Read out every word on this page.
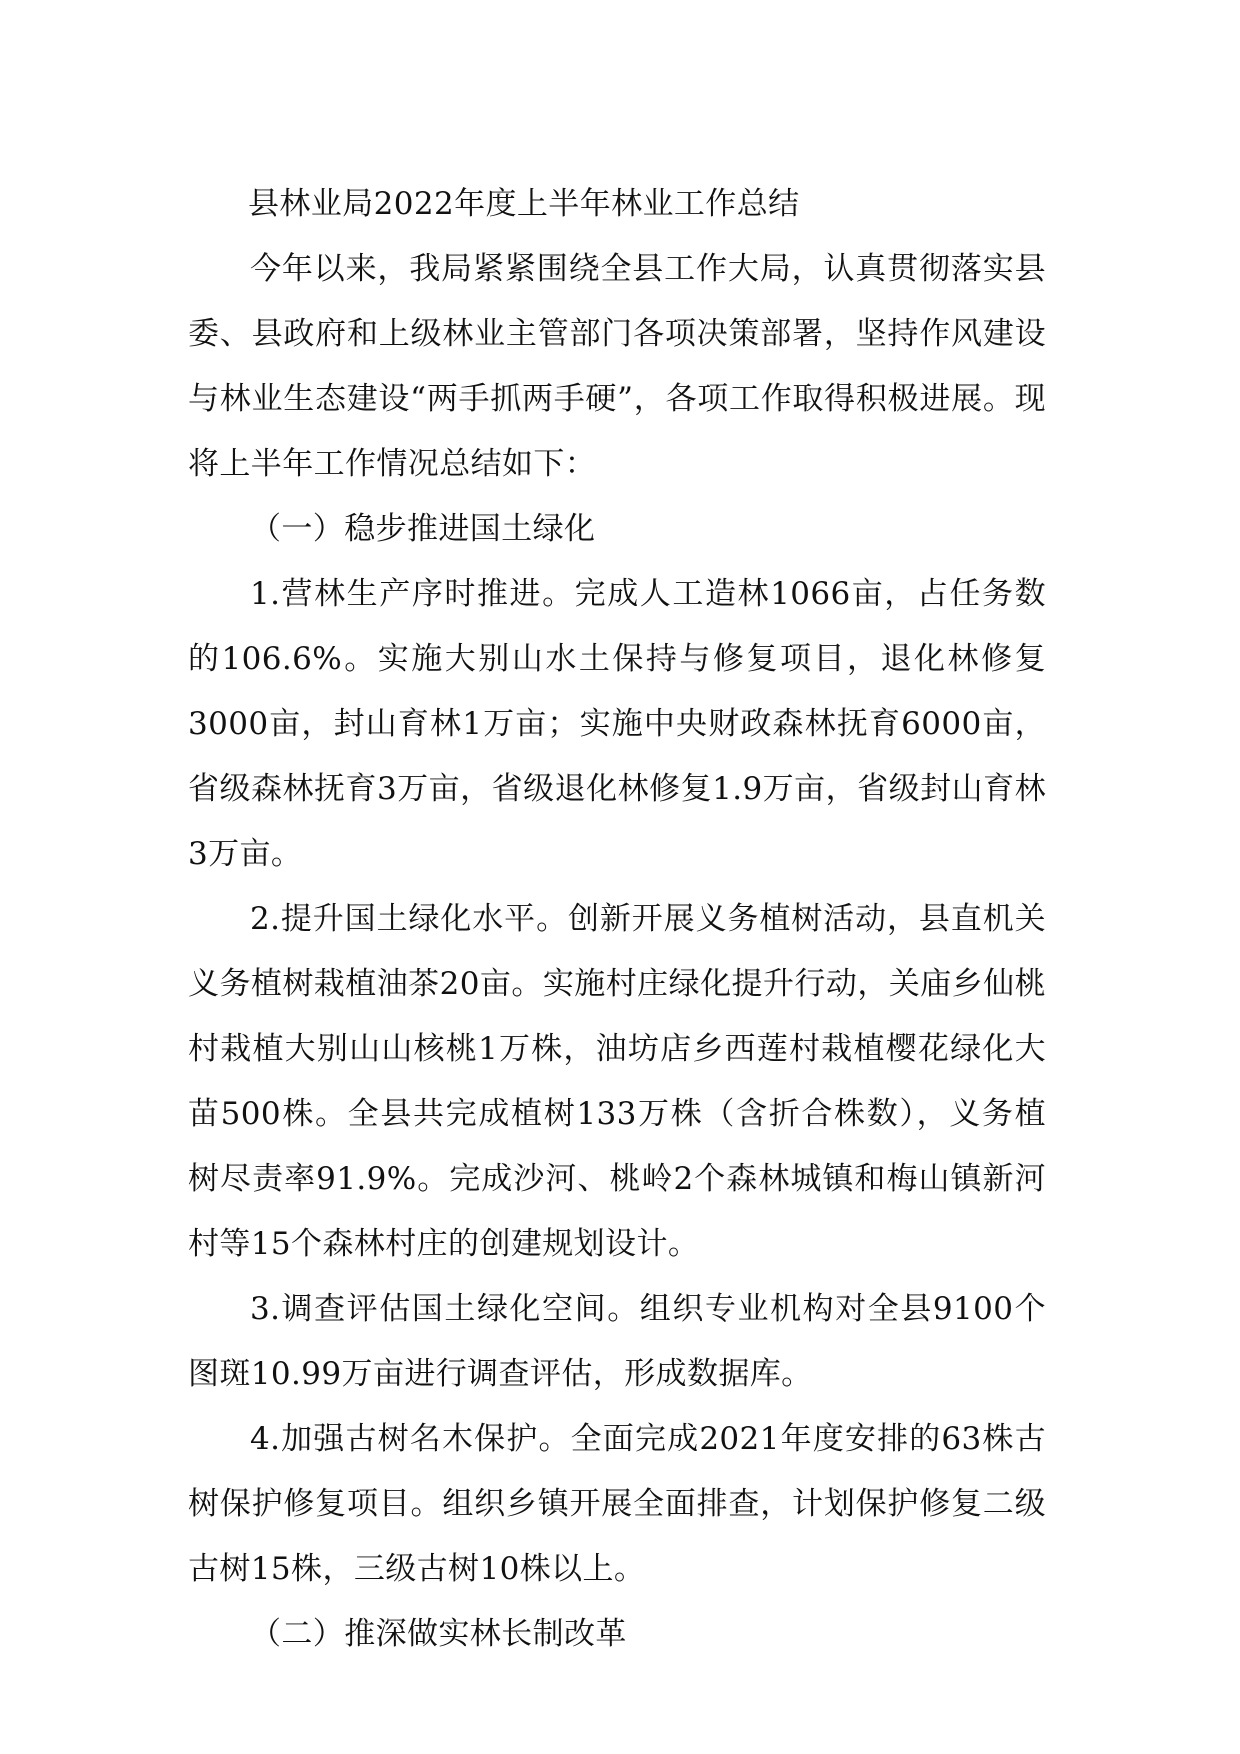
县林业局2022年度上半年林业工作总结

今年以来，我局紧紧围绕全县工作大局，认真贯彻落实县委、县政府和上级林业主管部门各项决策部署，坚持作风建设与林业生态建设“两手抓两手硬”，各项工作取得积极进展。现将上半年工作情况总结如下：

（一）稳步推进国土绿化

1.营林生产序时推进。完成人工造林1066亩，占任务数的106.6%。实施大别山水土保持与修复项目，退化林修复3000亩，封山育林1万亩；实施中央财政森林抚育6000亩，省级森林抚育3万亩，省级退化林修复1.9万亩，省级封山育林3万亩。

2.提升国土绿化水平。创新开展义务植树活动，县直机关义务植树栽植油茶20亩。实施村庄绿化提升行动，关庙乡仙桃村栽植大别山山核桃1万株，油坊店乡西莲村栽植樱花绿化大苗500株。全县共完成植树133万株（含折合株数），义务植树尽责率91.9%。完成沙河、桃岭2个森林城镇和梅山镇新河村等15个森林村庄的创建规划设计。

3.调查评估国土绿化空间。组织专业机构对全县9100个图斑10.99万亩进行调查评估，形成数据库。

4.加强古树名木保护。全面完成2021年度安排的63株古树保护修复项目。组织乡镇开展全面排查，计划保护修复二级古树15株，三级古树10株以上。

（二）推深做实林长制改革
